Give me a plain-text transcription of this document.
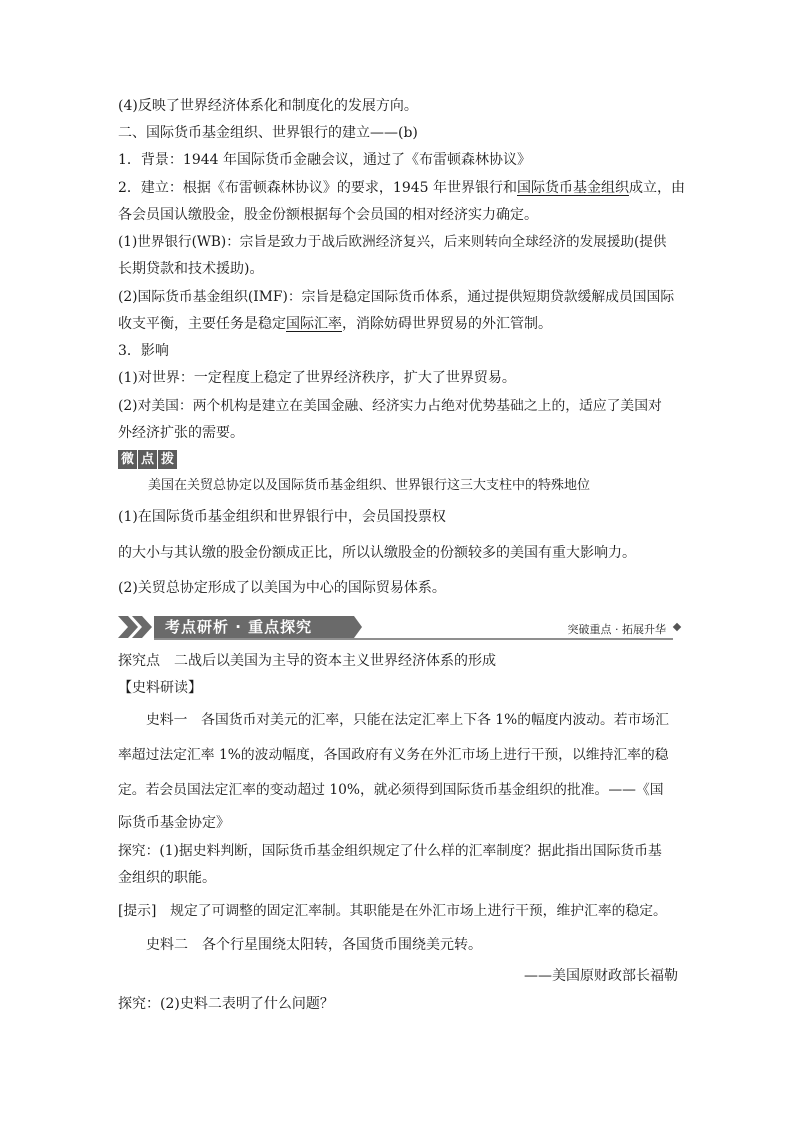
(4)反映了世界经济体系化和制度化的发展方向。
二、国际货币基金组织、世界银行的建立——(b)
1．背景：1944 年国际货币金融会议，通过了《布雷顿森林协议》
2．建立：根据《布雷顿森林协议》的要求，1945 年世界银行和国际货币基金组织成立，由
各会员国认缴股金，股金份额根据每个会员国的相对经济实力确定。
(1)世界银行(WB)：宗旨是致力于战后欧洲经济复兴，后来则转向全球经济的发展援助(提供
长期贷款和技术援助)。
(2)国际货币基金组织(IMF)：宗旨是稳定国际货币体系，通过提供短期贷款缓解成员国国际
收支平衡，主要任务是稳定国际汇率，消除妨碍世界贸易的外汇管制。
3．影响
(1)对世界：一定程度上稳定了世界经济秩序，扩大了世界贸易。
(2)对美国：两个机构是建立在美国金融、经济实力占绝对优势基础之上的，适应了美国对
外经济扩张的需要。
微 点 拨
美国在关贸总协定以及国际货币基金组织、世界银行这三大支柱中的特殊地位
(1)在国际货币基金组织和世界银行中，会员国投票权
的大小与其认缴的股金份额成正比，所以认缴股金的份额较多的美国有重大影响力。
(2)关贸总协定形成了以美国为中心的国际贸易体系。
考点研析 · 重点探究	突破重点 · 拓展升华
探究点　二战后以美国为主导的资本主义世界经济体系的形成
【史料研读】
史料一　各国货币对美元的汇率，只能在法定汇率上下各 1%的幅度内波动。若市场汇
率超过法定汇率 1%的波动幅度，各国政府有义务在外汇市场上进行干预，以维持汇率的稳
定。若会员国法定汇率的变动超过 10%，就必须得到国际货币基金组织的批准。——《国
际货币基金协定》
探究：(1)据史料判断，国际货币基金组织规定了什么样的汇率制度？据此指出国际货币基
金组织的职能。
[提示]　规定了可调整的固定汇率制。其职能是在外汇市场上进行干预，维护汇率的稳定。
史料二　各个行星围绕太阳转，各国货币围绕美元转。
——美国原财政部长福勒
探究：(2)史料二表明了什么问题？
